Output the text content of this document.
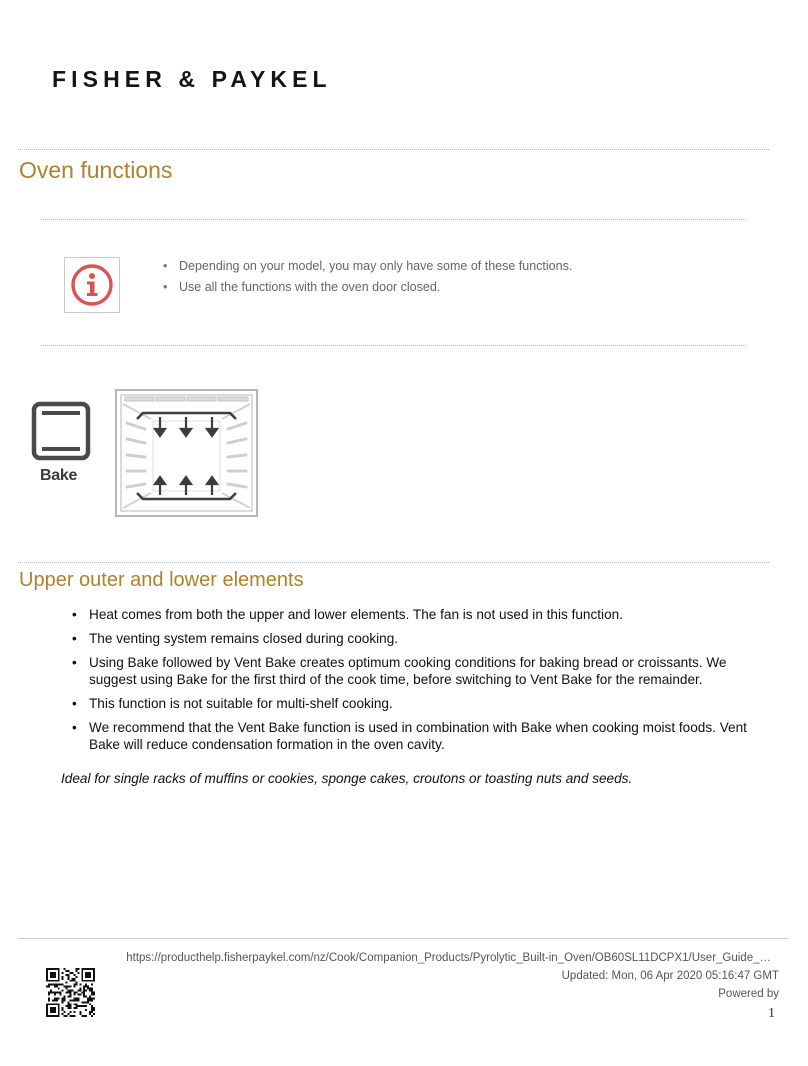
FISHER & PAYKEL
Oven functions
• Depending on your model, you may only have some of these functions.
• Use all the functions with the oven door closed.
Bake
Upper outer and lower elements
• Heat comes from both the upper and lower elements. The fan is not used in this function.
• The venting system remains closed during cooking.
• Using Bake followed by Vent Bake creates optimum cooking conditions for baking bread or croissants. We suggest using Bake for the first third of the cook time, before switching to Vent Bake for the remainder.
• This function is not suitable for multi-shelf cooking.
• We recommend that the Vent Bake function is used in combination with Bake when cooking moist foods. Vent Bake will reduce condensation formation in the oven cavity.
Ideal for single racks of muffins or cookies, sponge cakes, croutons or toasting nuts and seeds.
https://producthelp.fisherpaykel.com/nz/Cook/Companion_Products/Pyrolytic_Built-in_Oven/OB60SL11DCPX1/User_Guide_…
Updated: Mon, 06 Apr 2020 05:16:47 GMT
Powered by
1
